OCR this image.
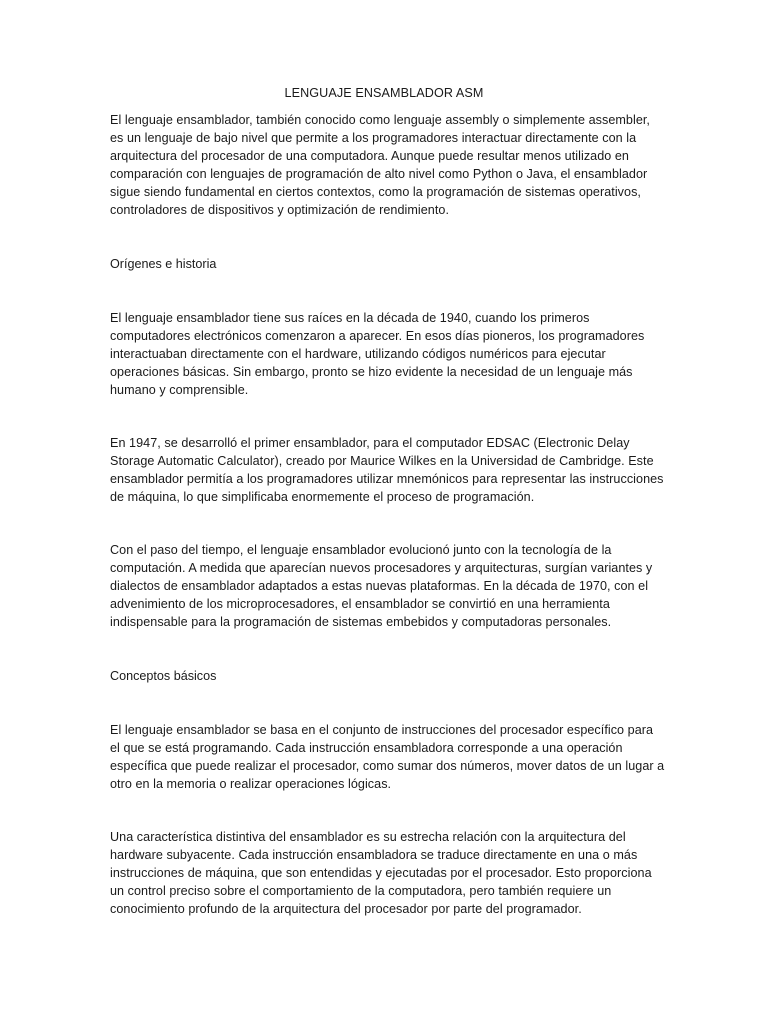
LENGUAJE ENSAMBLADOR ASM

El lenguaje ensamblador, también conocido como lenguaje assembly o simplemente assembler, es un lenguaje de bajo nivel que permite a los programadores interactuar directamente con la arquitectura del procesador de una computadora. Aunque puede resultar menos utilizado en comparación con lenguajes de programación de alto nivel como Python o Java, el ensamblador sigue siendo fundamental en ciertos contextos, como la programación de sistemas operativos, controladores de dispositivos y optimización de rendimiento.

Orígenes e historia

El lenguaje ensamblador tiene sus raíces en la década de 1940, cuando los primeros computadores electrónicos comenzaron a aparecer. En esos días pioneros, los programadores interactuaban directamente con el hardware, utilizando códigos numéricos para ejecutar operaciones básicas. Sin embargo, pronto se hizo evidente la necesidad de un lenguaje más humano y comprensible.

En 1947, se desarrolló el primer ensamblador, para el computador EDSAC (Electronic Delay Storage Automatic Calculator), creado por Maurice Wilkes en la Universidad de Cambridge. Este ensamblador permitía a los programadores utilizar mnemónicos para representar las instrucciones de máquina, lo que simplificaba enormemente el proceso de programación.

Con el paso del tiempo, el lenguaje ensamblador evolucionó junto con la tecnología de la computación. A medida que aparecían nuevos procesadores y arquitecturas, surgían variantes y dialectos de ensamblador adaptados a estas nuevas plataformas. En la década de 1970, con el advenimiento de los microprocesadores, el ensamblador se convirtió en una herramienta indispensable para la programación de sistemas embebidos y computadoras personales.

Conceptos básicos

El lenguaje ensamblador se basa en el conjunto de instrucciones del procesador específico para el que se está programando. Cada instrucción ensambladora corresponde a una operación específica que puede realizar el procesador, como sumar dos números, mover datos de un lugar a otro en la memoria o realizar operaciones lógicas.

Una característica distintiva del ensamblador es su estrecha relación con la arquitectura del hardware subyacente. Cada instrucción ensambladora se traduce directamente en una o más instrucciones de máquina, que son entendidas y ejecutadas por el procesador. Esto proporciona un control preciso sobre el comportamiento de la computadora, pero también requiere un conocimiento profundo de la arquitectura del procesador por parte del programador.
